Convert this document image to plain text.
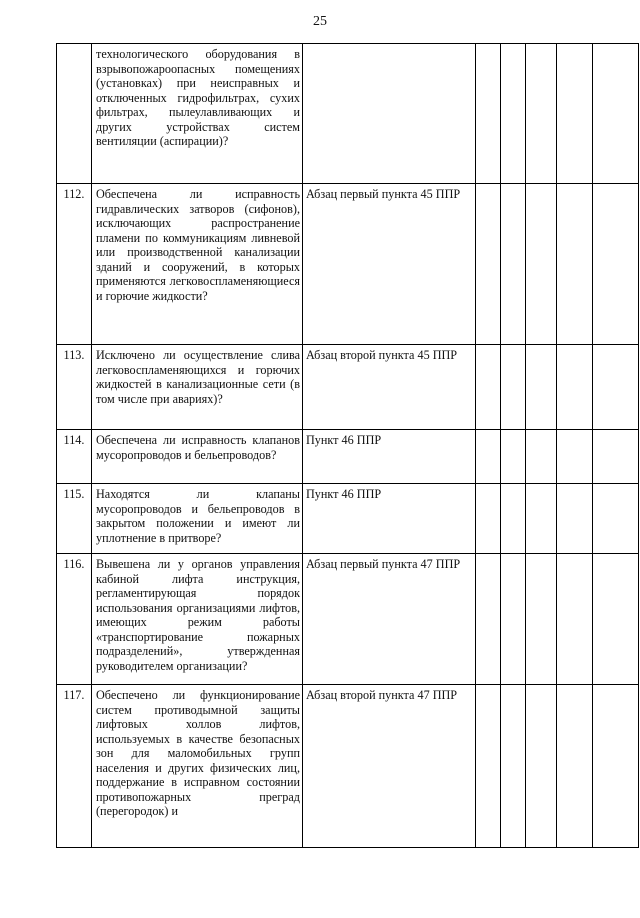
25
	технологического оборудования в взрывопожароопасных помещениях (установках) при неисправных и отключенных гидрофильтрах, сухих фильтрах, пылеулавливающих и других устройствах систем вентиляции (аспирации)?						
112.	Обеспечена ли исправность гидравлических затворов (сифонов), исключающих распространение пламени по коммуникациям ливневой или производственной канализации зданий и сооружений, в которых применяются легковоспламеняющиеся и горючие жидкости?	Абзац первый пункта 45 ППР					
113.	Исключено ли осуществление слива легковоспламеняющихся и горючих жидкостей в канализационные сети (в том числе при авариях)?	Абзац второй пункта 45 ППР					
114.	Обеспечена ли исправность клапанов мусоропроводов и бельепроводов?	Пункт 46 ППР					
115.	Находятся ли клапаны мусоропроводов и бельепроводов в закрытом положении и имеют ли уплотнение в притворе?	Пункт 46 ППР					
116.	Вывешена ли у органов управления кабиной лифта инструкция, регламентирующая порядок использования организациями лифтов, имеющих режим работы «транспортирование пожарных подразделений», утвержденная руководителем организации?	Абзац первый пункта 47 ППР					
117.	Обеспечено ли функционирование систем противодымной защиты лифтовых холлов лифтов, используемых в качестве безопасных зон для маломобильных групп населения и других физических лиц, поддержание в исправном состоянии противопожарных преград (перегородок) и	Абзац второй пункта 47 ППР					
